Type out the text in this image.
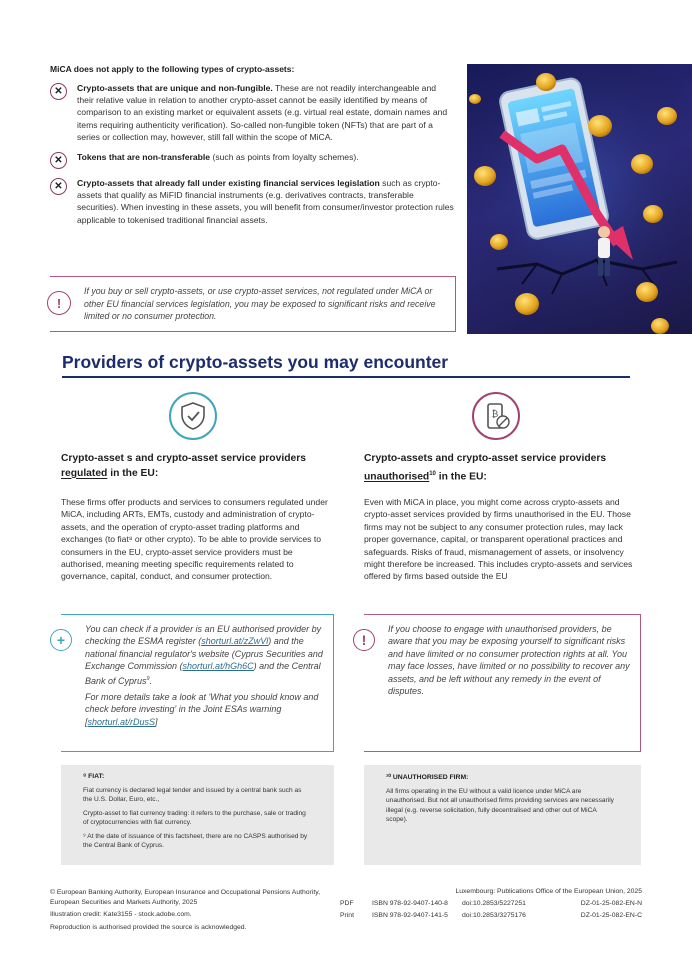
MiCA does not apply to the following types of crypto-assets:
✕	Crypto-assets that are unique and non-fungible. These are not readily interchangeable and their relative value in relation to another crypto-asset cannot be easily identified by means of comparison to an existing market or equivalent assets (e.g. virtual real estate, domain names and items requiring authenticity verification). So-called non-fungible token (NFTs) that are part of a series or collection may, however, still fall within the scope of MiCA.
✕	Tokens that are non-transferable (such as points from loyalty schemes).
✕	Crypto-assets that already fall under existing financial services legislation such as crypto-assets that qualify as MiFID financial instruments (e.g. derivatives contracts, transferable securities). When investing in these assets, you will benefit from consumer/investor protection rules applicable to tokenised traditional financial assets.
!
If you buy or sell crypto-assets, or use crypto-asset services, not regulated under MiCA or other EU financial services legislation, you may be exposed to significant risks and receive limited or no consumer protection.
Providers of crypto-assets you may encounter
₿
Crypto-asset s and crypto-asset service providers
regulated in the EU:
These firms offer products and services to consumers regulated under MiCA, including ARTs, EMTs, custody and administration of crypto-assets, and the operation of crypto-asset trading platforms and exchanges (to fiat⁸ or other crypto). To be able to provide services to consumers in the EU, crypto-asset service providers must be authorised, meaning meeting specific requirements related to governance, capital, conduct, and consumer protection.
+

You can check if a provider is an EU authorised provider by checking the ESMA register (shorturl.at/zZwVl) and the national financial regulator's website (Cyprus Securities and Exchange Commission (shorturl.at/hGh6C) and the Central Bank of Cyprus$^9$.

For more details take a look at 'What you should know and check before investing' in the Joint ESAs warning [shorturl.at/rDusS]

⁸ FIAT:
Fiat currency is declared legal tender and issued by a central bank such as the U.S. Dollar, Euro, etc.,
Crypto-asset to fiat currency trading: it refers to the purchase, sale or trading of cryptocurrencies with fiat currency.
⁹ At the date of issuance of this factsheet, there are no CASPS authorised by the Central Bank of Cyprus.
Crypto-assets and crypto-asset service providers
unauthorised$^{10}$ in the EU:
Even with MiCA in place, you might come across crypto-assets and crypto-asset services provided by firms unauthorised in the EU. Those firms may not be subject to any consumer protection rules, may lack proper governance, capital, or transparent operational practices and safeguards. Risks of fraud, mismanagement of assets, or insolvency might therefore be increased. This includes crypto-assets and services offered by firms based outside the EU
!
If you choose to engage with unauthorised providers, be aware that you may be exposing yourself to significant risks and have limited or no consumer protection rights at all. You may face losses, have limited or no possibility to recover any assets, and be left without any remedy in the event of disputes.
¹⁰ UNAUTHORISED FIRM:
All firms operating in the EU without a valid licence under MiCA are unauthorised. But not all unauthorised firms providing services are necessarily illegal (e.g. reverse solicitation, fully decentralised and other out of MiCA scope).

© European Banking Authority, European Insurance and Occupational Pensions Authority, European Securities and Markets Authority, 2025

Illustration credit: Kate3155 - stock.adobe.com.

Reproduction is authorised provided the source is acknowledged.

Luxembourg: Publications Office of the European Union, 2025
PDF	ISBN 978-92-9407-140-8	doi:10.2853/5227251	DZ-01-25-082-EN-N
Print	ISBN 978-92-9407-141-5	doi:10.2853/3275176	DZ-01-25-082-EN-C
